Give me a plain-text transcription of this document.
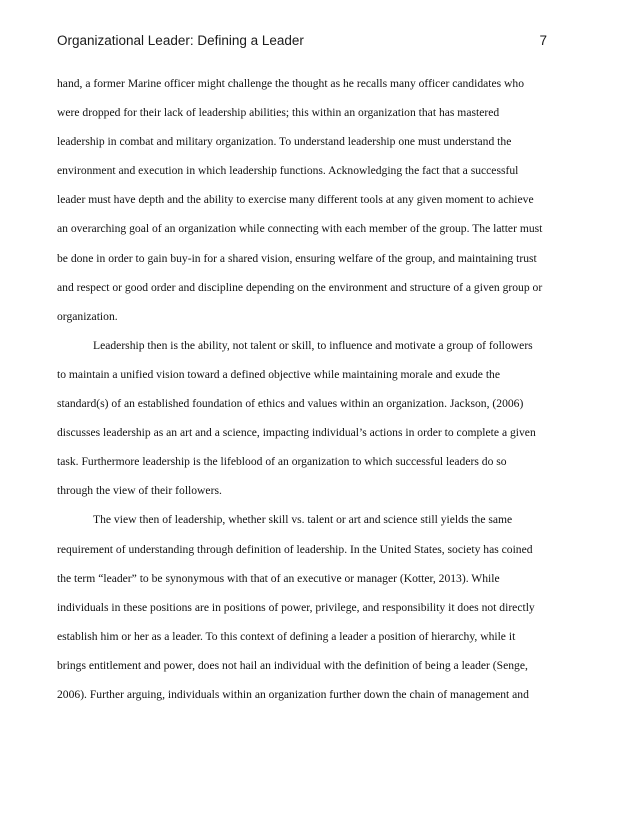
Organizational Leader: Defining a Leader	7
hand, a former Marine officer might challenge the thought as he recalls many officer candidates who
were dropped for their lack of leadership abilities; this within an organization that has mastered
leadership in combat and military organization. To understand leadership one must understand the
environment and execution in which leadership functions. Acknowledging the fact that a successful
leader must have depth and the ability to exercise many different tools at any given moment to achieve
an overarching goal of an organization while connecting with each member of the group. The latter must
be done in order to gain buy-in for a shared vision, ensuring welfare of the group, and maintaining trust
and respect or good order and discipline depending on the environment and structure of a given group or
organization.
Leadership then is the ability, not talent or skill, to influence and motivate a group of followers
to maintain a unified vision toward a defined objective while maintaining morale and exude the
standard(s) of an established foundation of ethics and values within an organization. Jackson, (2006)
discusses leadership as an art and a science, impacting individual’s actions in order to complete a given
task. Furthermore leadership is the lifeblood of an organization to which successful leaders do so
through the view of their followers.
The view then of leadership, whether skill vs. talent or art and science still yields the same
requirement of understanding through definition of leadership. In the United States, society has coined
the term “leader” to be synonymous with that of an executive or manager (Kotter, 2013). While
individuals in these positions are in positions of power, privilege, and responsibility it does not directly
establish him or her as a leader. To this context of defining a leader a position of hierarchy, while it
brings entitlement and power, does not hail an individual with the definition of being a leader (Senge,
2006). Further arguing, individuals within an organization further down the chain of management and
